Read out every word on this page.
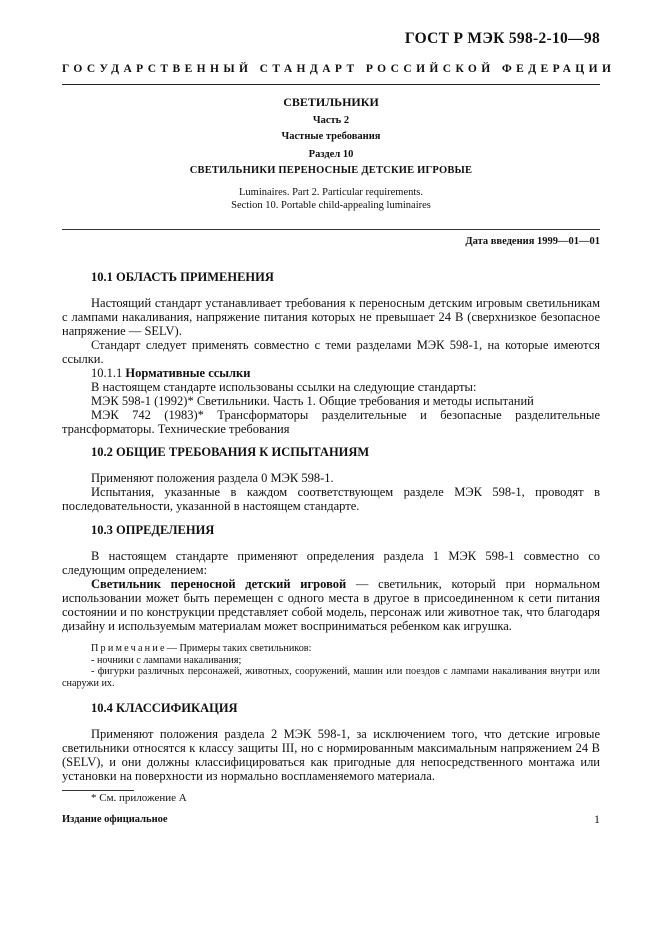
ГОСТ Р МЭК 598-2-10—98
ГОСУДАРСТВЕННЫЙ СТАНДАРТ РОССИЙСКОЙ ФЕДЕРАЦИИ
СВЕТИЛЬНИКИ
Часть 2
Частные требования
Раздел 10
СВЕТИЛЬНИКИ ПЕРЕНОСНЫЕ ДЕТСКИЕ ИГРОВЫЕ
Luminaires. Part 2. Particular requirements.
Section 10. Portable child-appealing luminaires
Дата введения 1999—01—01

10.1 ОБЛАСТЬ ПРИМЕНЕНИЯ

Настоящий стандарт устанавливает требования к переносным детским игровым светильникам с лампами накаливания, напряжение питания которых не превышает 24 В (сверхнизкое безопасное напряжение — SELV).

Стандарт следует применять совместно с теми разделами МЭК 598-1, на которые имеются ссылки.

10.1.1 Нормативные ссылки

В настоящем стандарте использованы ссылки на следующие стандарты:

МЭК 598-1 (1992)* Светильники. Часть 1. Общие требования и методы испытаний

МЭК 742 (1983)* Трансформаторы разделительные и безопасные разделительные трансформаторы. Технические требования

10.2 ОБЩИЕ ТРЕБОВАНИЯ К ИСПЫТАНИЯМ

Применяют положения раздела 0 МЭК 598-1.

Испытания, указанные в каждом соответствующем разделе МЭК 598-1, проводят в последовательности, указанной в настоящем стандарте.

10.3 ОПРЕДЕЛЕНИЯ

В настоящем стандарте применяют определения раздела 1 МЭК 598-1 совместно со следующим определением:

Светильник переносной детский игровой — светильник, который при нормальном использовании может быть перемещен с одного места в другое в присоединенном к сети питания состоянии и по конструкции представляет собой модель, персонаж или животное так, что благодаря дизайну и используемым материалам может восприниматься ребенком как игрушка.

Примечание— Примеры таких светильников:

- ночники с лампами накаливания;

- фигурки различных персонажей, животных, сооружений, машин или поездов с лампами накаливания внутри или снаружи их.

10.4 КЛАССИФИКАЦИЯ

Применяют положения раздела 2 МЭК 598-1, за исключением того, что детские игровые светильники относятся к классу защиты III, но с нормированным максимальным напряжением 24 В (SELV), и они должны классифицироваться как пригодные для непосредственного монтажа или установки на поверхности из нормально воспламеняемого материала.

* См. приложение А

Издание официальное	1
